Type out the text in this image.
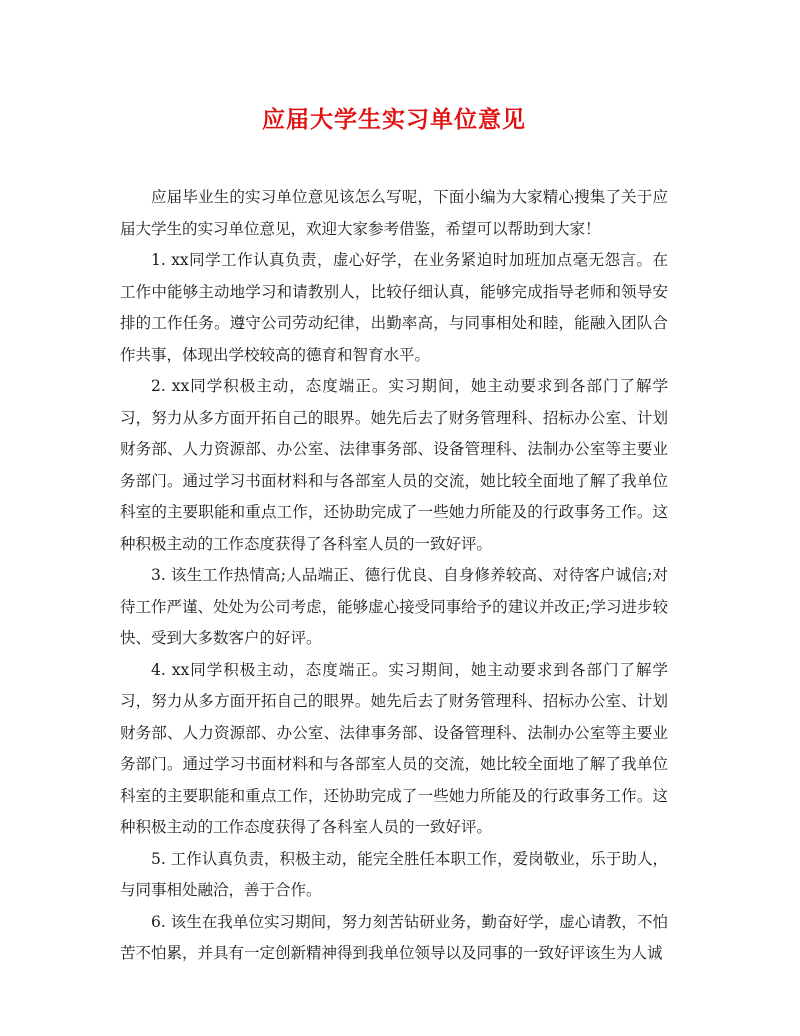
应届大学生实习单位意见

应届毕业生的实习单位意见该怎么写呢，下面小编为大家精心搜集了关于应届大学生的实习单位意见，欢迎大家参考借鉴，希望可以帮助到大家！

1. xx同学工作认真负责，虚心好学，在业务紧迫时加班加点毫无怨言。在工作中能够主动地学习和请教别人，比较仔细认真，能够完成指导老师和领导安排的工作任务。遵守公司劳动纪律，出勤率高，与同事相处和睦，能融入团队合作共事，体现出学校较高的德育和智育水平。

2. xx同学积极主动，态度端正。实习期间，她主动要求到各部门了解学习，努力从多方面开拓自己的眼界。她先后去了财务管理科、招标办公室、计划财务部、人力资源部、办公室、法律事务部、设备管理科、法制办公室等主要业务部门。通过学习书面材料和与各部室人员的交流，她比较全面地了解了我单位科室的主要职能和重点工作，还协助完成了一些她力所能及的行政事务工作。这种积极主动的工作态度获得了各科室人员的一致好评。

3. 该生工作热情高;人品端正、德行优良、自身修养较高、对待客户诚信;对待工作严谨、处处为公司考虑，能够虚心接受同事给予的建议并改正;学习进步较快、受到大多数客户的好评。

4. xx同学积极主动，态度端正。实习期间，她主动要求到各部门了解学习，努力从多方面开拓自己的眼界。她先后去了财务管理科、招标办公室、计划财务部、人力资源部、办公室、法律事务部、设备管理科、法制办公室等主要业务部门。通过学习书面材料和与各部室人员的交流，她比较全面地了解了我单位科室的主要职能和重点工作，还协助完成了一些她力所能及的行政事务工作。这种积极主动的工作态度获得了各科室人员的一致好评。

5. 工作认真负责，积极主动，能完全胜任本职工作，爱岗敬业，乐于助人，与同事相处融洽，善于合作。

6. 该生在我单位实习期间，努力刻苦钻研业务，勤奋好学，虚心请教，不怕苦不怕累，并具有一定创新精神得到我单位领导以及同事的一致好评该生为人诚
